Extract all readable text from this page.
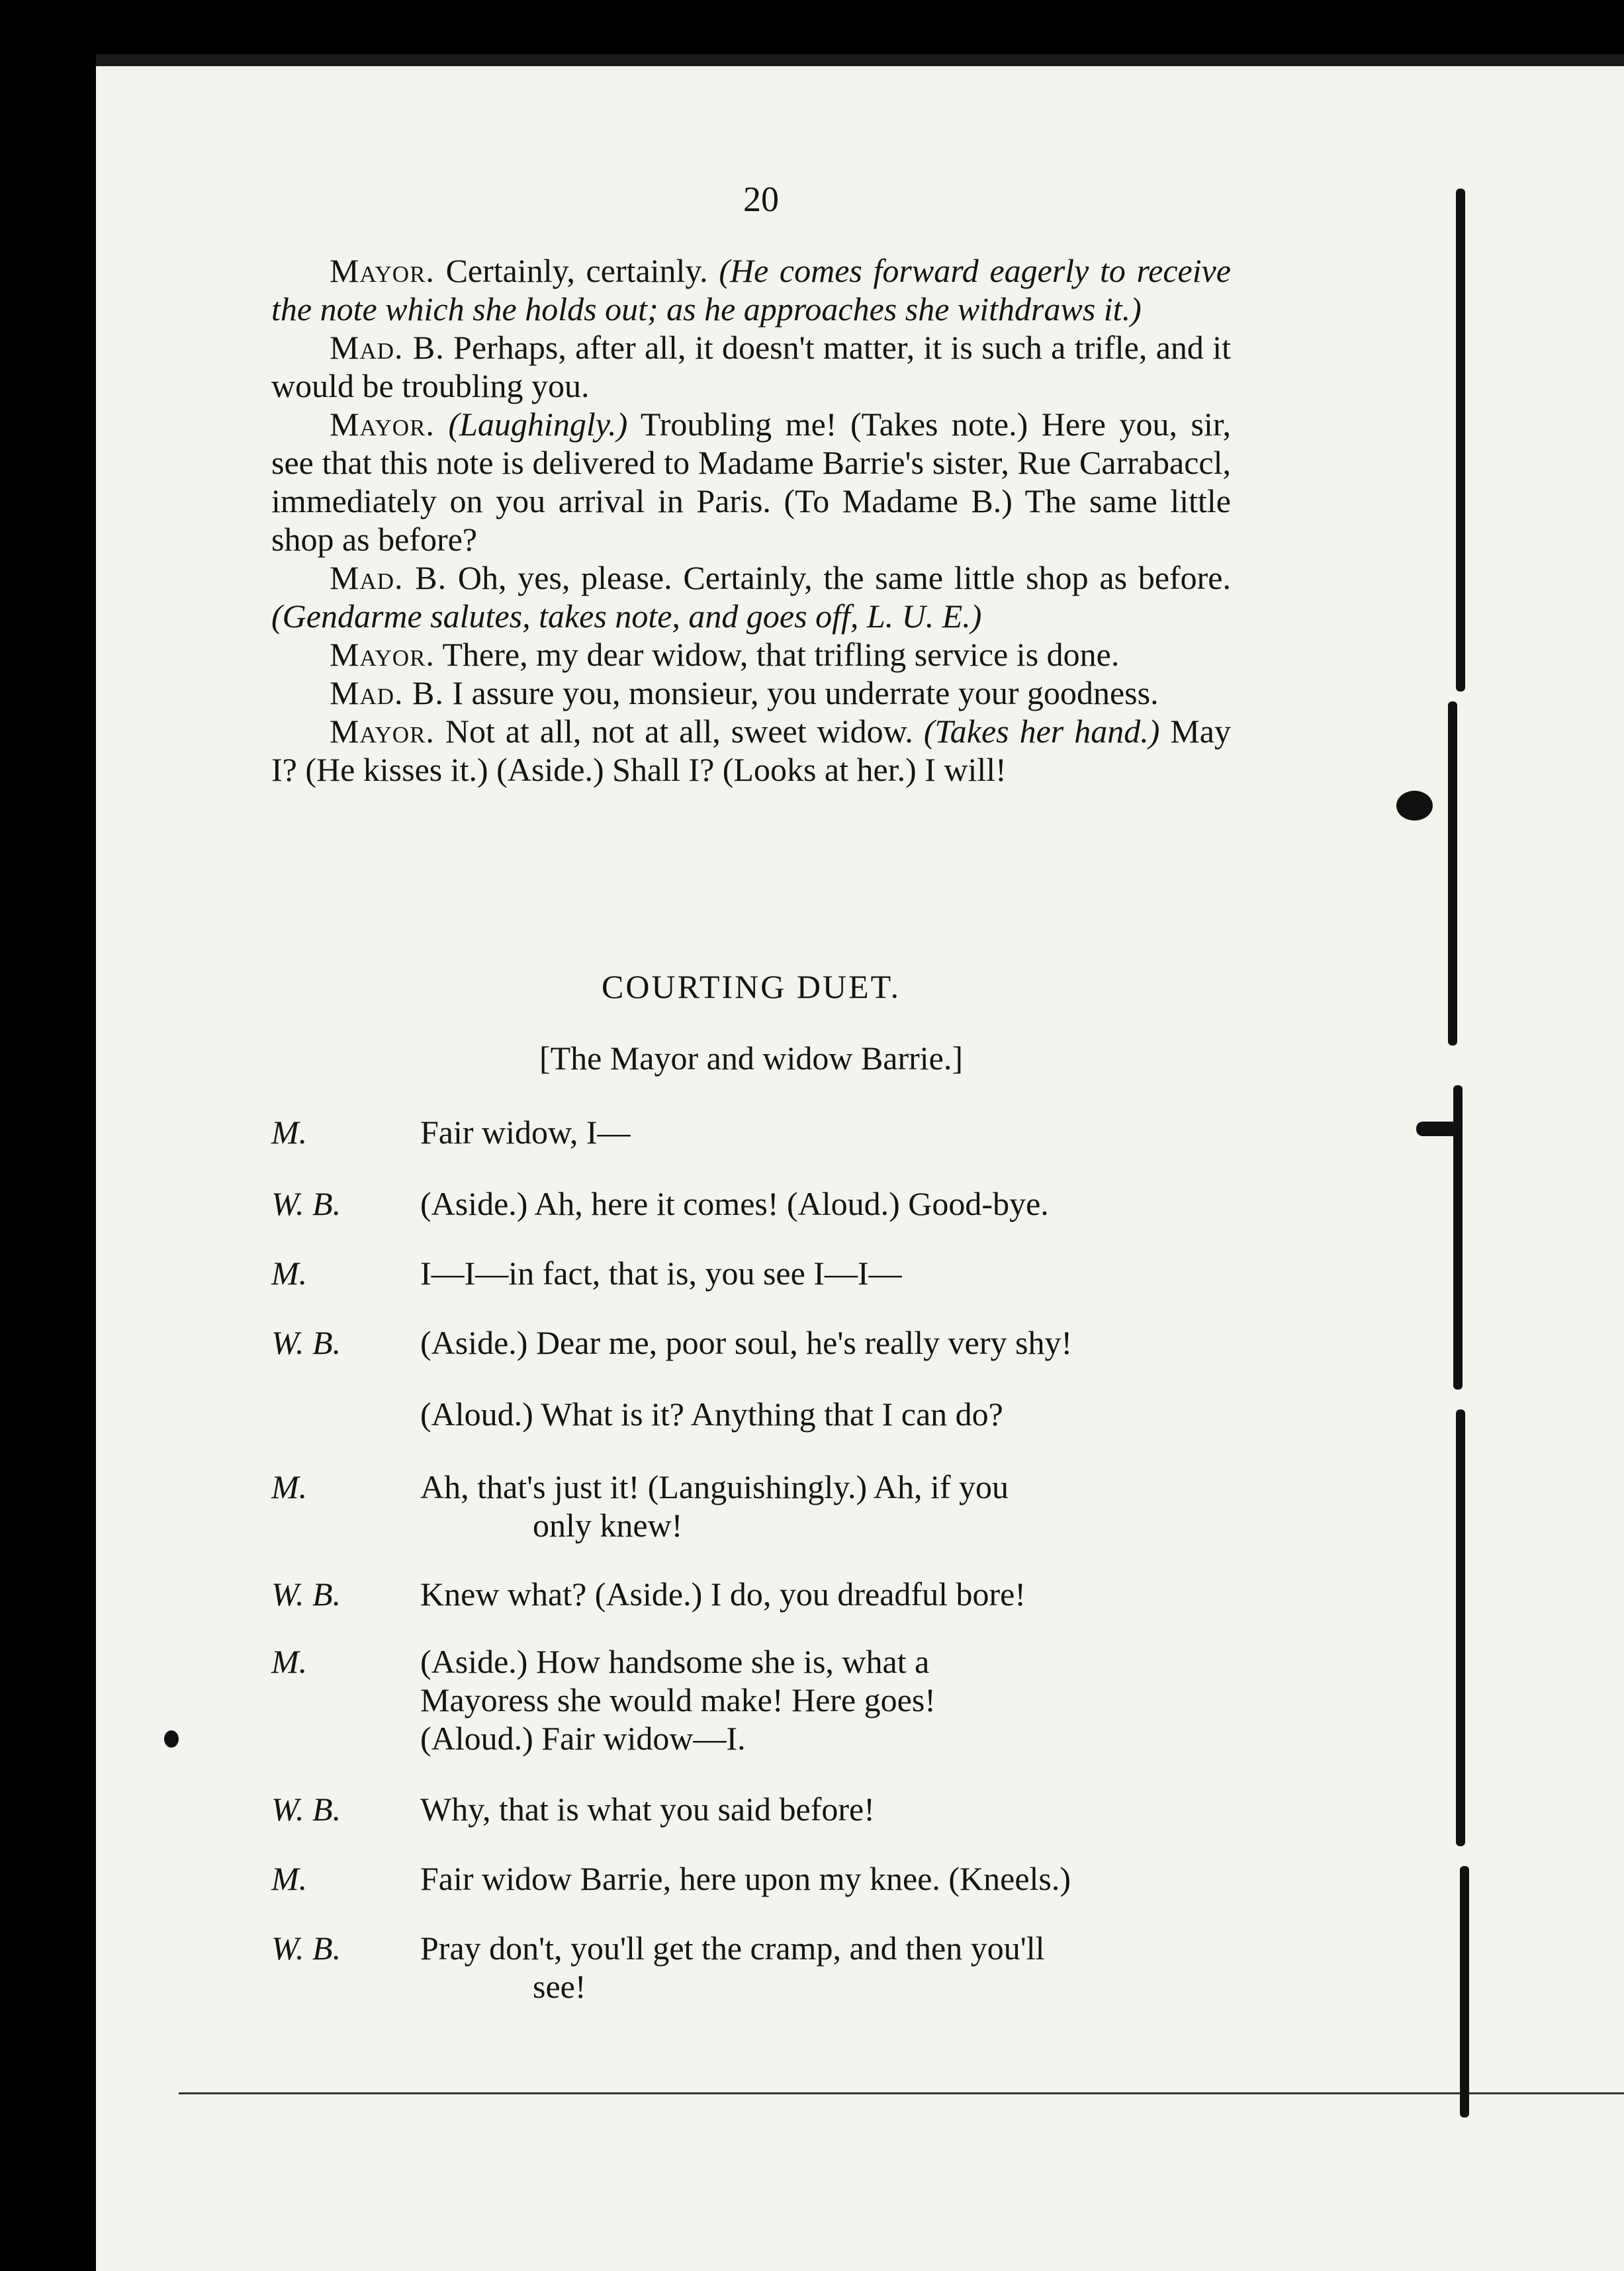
20

Mayor. Certainly, certainly. (He comes forward eagerly to receive the note which she holds out; as he approaches she withdraws it.)

Mad. B. Perhaps, after all, it doesn't matter, it is such a trifle, and it would be troubling you.

Mayor. (Laughingly.) Troubling me! (Takes note.) Here you, sir, see that this note is delivered to Madame Barrie's sister, Rue Carrabaccl, immediately on you arrival in Paris. (To Madame B.) The same little shop as before?

Mad. B. Oh, yes, please. Certainly, the same little shop as before. (Gendarme salutes, takes note, and goes off, L. U. E.)

Mayor. There, my dear widow, that trifling service is done.

Mad. B. I assure you, monsieur, you underrate your goodness.

Mayor. Not at all, not at all, sweet widow. (Takes her hand.) May I? (He kisses it.) (Aside.) Shall I? (Looks at her.) I will!

COURTING DUET.
[The Mayor and widow Barrie.]
M.	Fair widow, I—
W. B.	(Aside.) Ah, here it comes! (Aloud.) Good-bye.
M.	I—I—in fact, that is, you see I—I—
W. B.	(Aside.) Dear me, poor soul, he's really very shy!
(Aloud.) What is it? Anything that I can do?
M.	Ah, that's just it! (Languishingly.) Ah, if you
only knew!
W. B.	Knew what? (Aside.) I do, you dreadful bore!
M.	(Aside.) How handsome she is, what a
Mayoress she would make! Here goes!
(Aloud.) Fair widow—I.
W. B.	Why, that is what you said before!
M.	Fair widow Barrie, here upon my knee. (Kneels.)
W. B.	Pray don't, you'll get the cramp, and then you'll
see!
